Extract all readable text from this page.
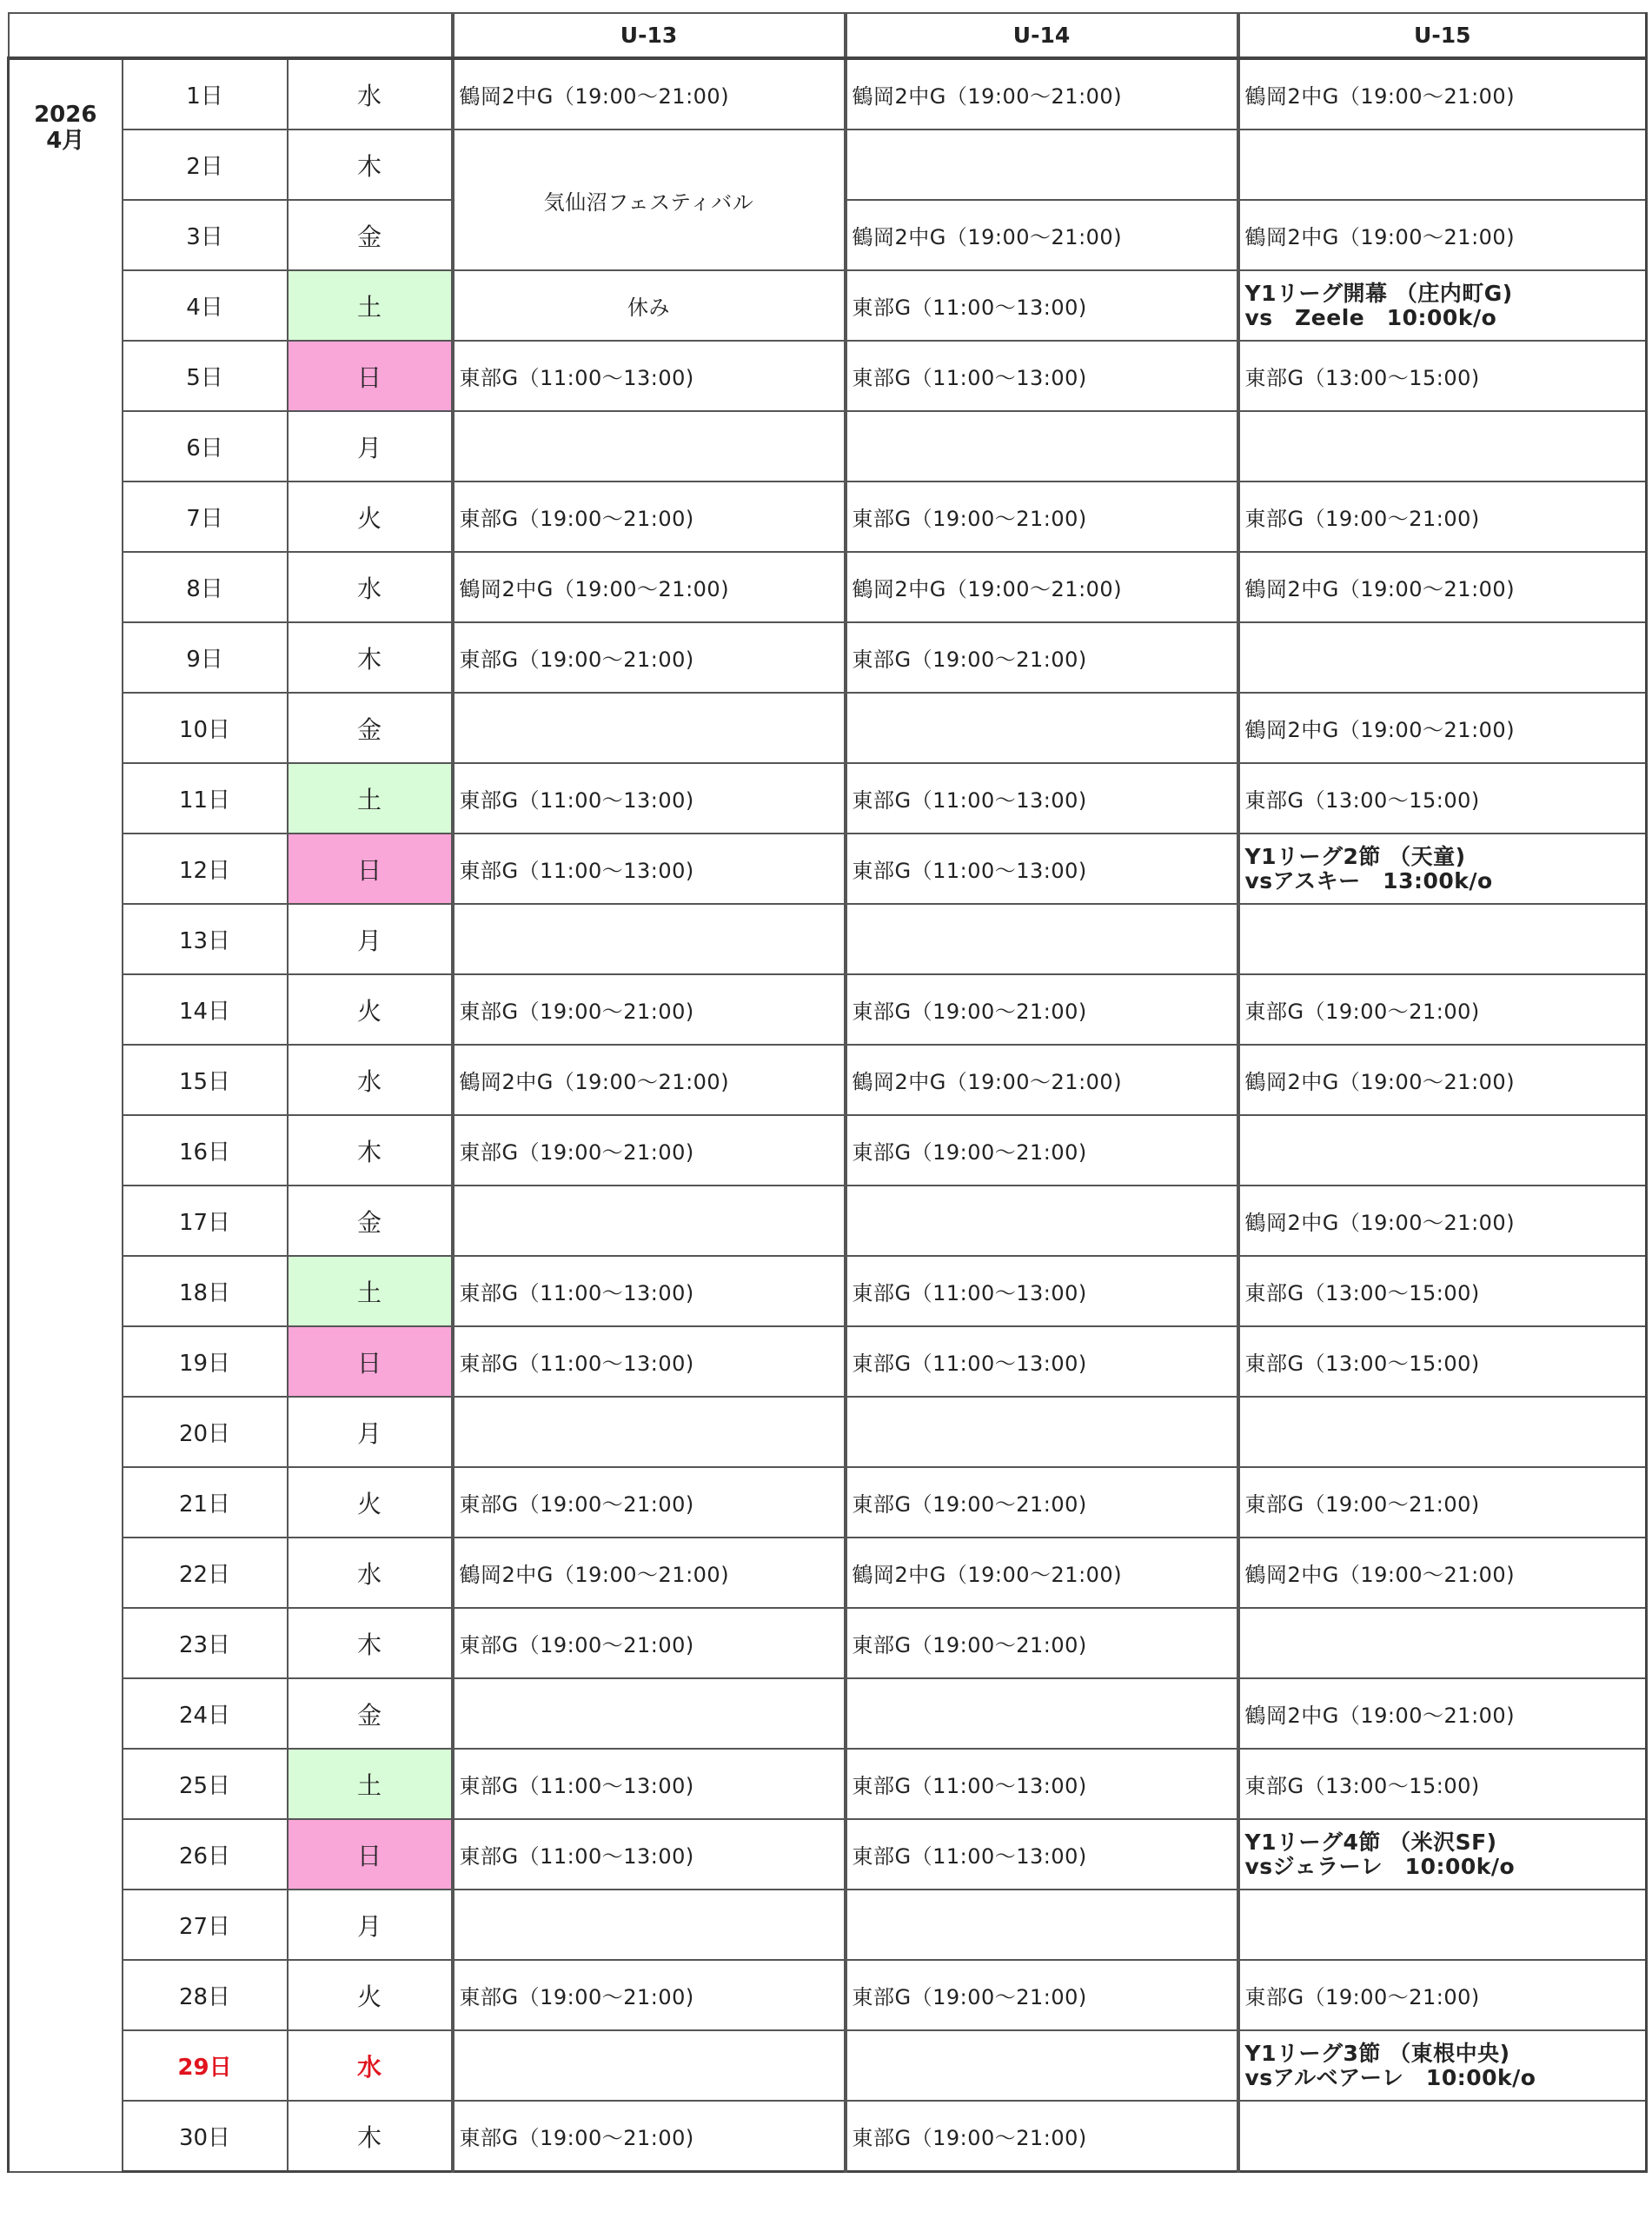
			U-13	U-14	U-15

2026
4月	1日	水	鶴岡2中G（19:00～21:00)	鶴岡2中G（19:00～21:00)	鶴岡2中G（19:00～21:00)
	2日	木	気仙沼フェスティバル		
	3日	金		鶴岡2中G（19:00～21:00)	鶴岡2中G（19:00～21:00)
	4日	土	休み	東部G（11:00～13:00)	Y1リーグ開幕 （庄内町G)
vs　Zeele　10:00k/o

	5日	日	東部G（11:00～13:00)	東部G（11:00～13:00)	東部G（13:00～15:00)
	6日	月			
	7日	火	東部G（19:00～21:00)	東部G（19:00～21:00)	東部G（19:00～21:00)
	8日	水	鶴岡2中G（19:00～21:00)	鶴岡2中G（19:00～21:00)	鶴岡2中G（19:00～21:00)
	9日	木	東部G（19:00～21:00)	東部G（19:00～21:00)	
	10日	金			鶴岡2中G（19:00～21:00)
	11日	土	東部G（11:00～13:00)	東部G（11:00～13:00)	東部G（13:00～15:00)
	12日	日	東部G（11:00～13:00)	東部G（11:00～13:00)	Y1リーグ2節 （天童)
vsアスキー　13:00k/o

	13日	月			
	14日	火	東部G（19:00～21:00)	東部G（19:00～21:00)	東部G（19:00～21:00)
	15日	水	鶴岡2中G（19:00～21:00)	鶴岡2中G（19:00～21:00)	鶴岡2中G（19:00～21:00)
	16日	木	東部G（19:00～21:00)	東部G（19:00～21:00)	
	17日	金			鶴岡2中G（19:00～21:00)
	18日	土	東部G（11:00～13:00)	東部G（11:00～13:00)	東部G（13:00～15:00)
	19日	日	東部G（11:00～13:00)	東部G（11:00～13:00)	東部G（13:00～15:00)
	20日	月			
	21日	火	東部G（19:00～21:00)	東部G（19:00～21:00)	東部G（19:00～21:00)
	22日	水	鶴岡2中G（19:00～21:00)	鶴岡2中G（19:00～21:00)	鶴岡2中G（19:00～21:00)
	23日	木	東部G（19:00～21:00)	東部G（19:00～21:00)	
	24日	金			鶴岡2中G（19:00～21:00)
	25日	土	東部G（11:00～13:00)	東部G（11:00～13:00)	東部G（13:00～15:00)
	26日	日	東部G（11:00～13:00)	東部G（11:00～13:00)	Y1リーグ4節 （米沢SF)
vsジェラーレ　10:00k/o

	27日	月			
	28日	火	東部G（19:00～21:00)	東部G（19:00～21:00)	東部G（19:00～21:00)
	29日	水			Y1リーグ3節 （東根中央)
vsアルベアーレ　10:00k/o

	30日	木	東部G（19:00～21:00)	東部G（19:00～21:00)	
